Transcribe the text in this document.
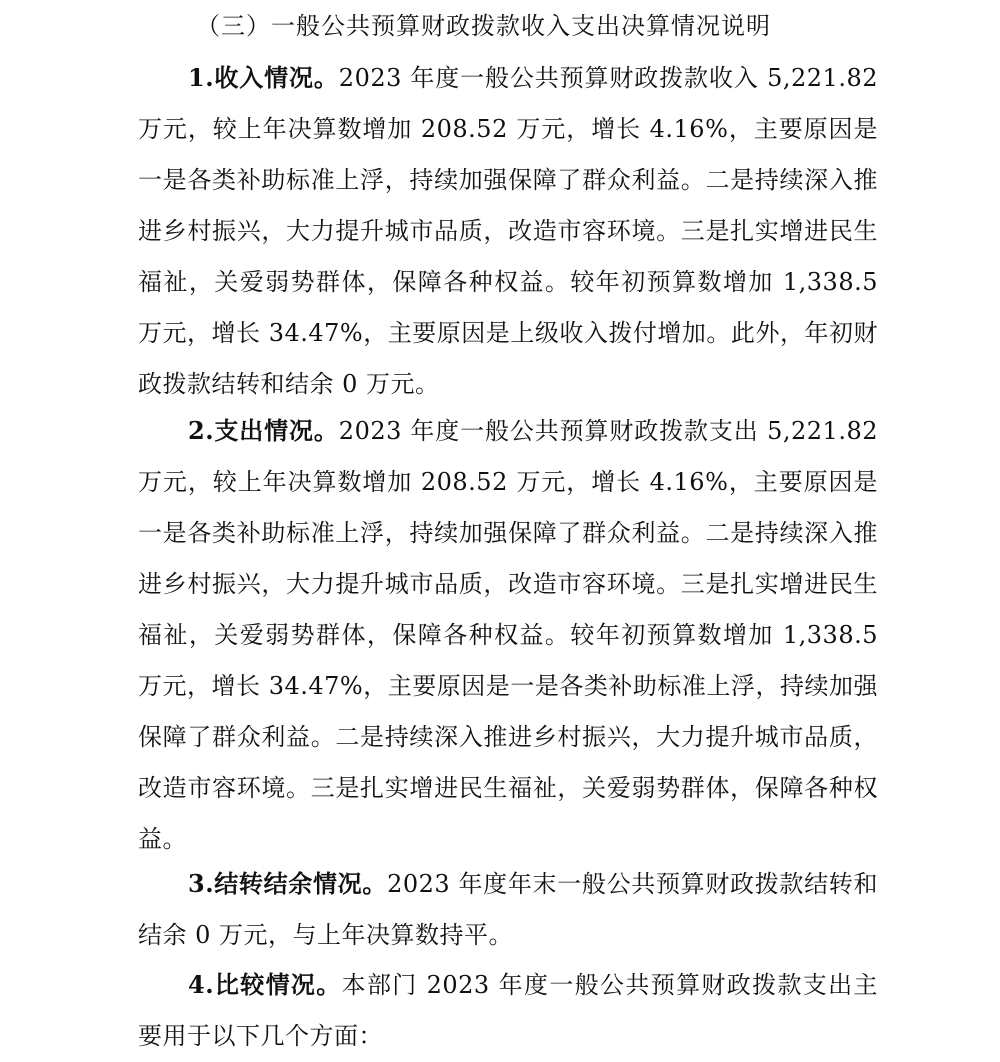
（三）一般公共预算财政拨款收入支出决算情况说明

1.收入情况。2023 年度一般公共预算财政拨款收入 5,221.82 万元，较上年决算数增加 208.52 万元，增长 4.16%，主要原因是一是各类补助标准上浮，持续加强保障了群众利益。二是持续深入推进乡村振兴，大力提升城市品质，改造市容环境。三是扎实增进民生福祉，关爱弱势群体，保障各种权益。较年初预算数增加 1,338.5 万元，增长 34.47%，主要原因是上级收入拨付增加。此外，年初财政拨款结转和结余 0 万元。

2.支出情况。2023 年度一般公共预算财政拨款支出 5,221.82 万元，较上年决算数增加 208.52 万元，增长 4.16%，主要原因是一是各类补助标准上浮，持续加强保障了群众利益。二是持续深入推进乡村振兴，大力提升城市品质，改造市容环境。三是扎实增进民生福祉，关爱弱势群体，保障各种权益。较年初预算数增加 1,338.5 万元，增长 34.47%，主要原因是一是各类补助标准上浮，持续加强保障了群众利益。二是持续深入推进乡村振兴，大力提升城市品质，改造市容环境。三是扎实增进民生福祉，关爱弱势群体，保障各种权益。

3.结转结余情况。2023 年度年末一般公共预算财政拨款结转和结余 0 万元，与上年决算数持平。

4.比较情况。本部门 2023 年度一般公共预算财政拨款支出主要用于以下几个方面：
